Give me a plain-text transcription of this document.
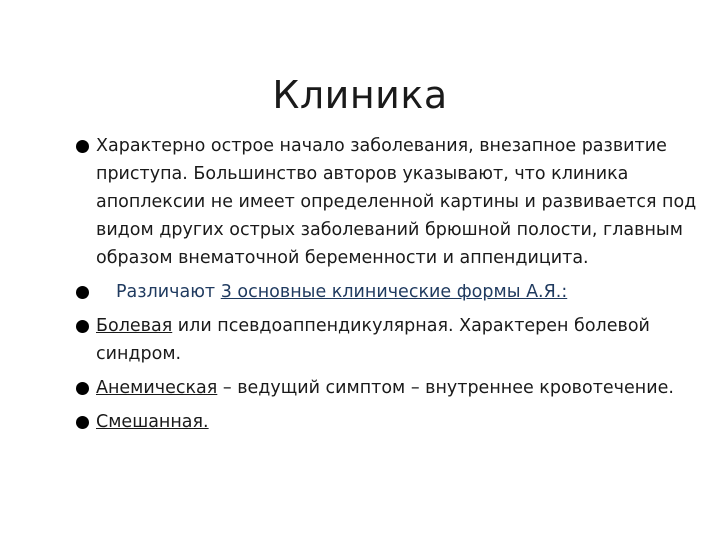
Клиника
Характерно острое начало заболевания, внезапное развитие приступа. Большинство авторов указывают, что клиника апоплексии не имеет определенной картины и развивается под видом других острых заболеваний брюшной полости, главным образом внематочной беременности и аппендицита.
Различают 3 основные клинические формы А.Я.:
Болевая или псевдоаппендикулярная. Характерен болевой синдром.
Анемическая – ведущий симптом – внутреннее кровотечение.
Смешанная.
